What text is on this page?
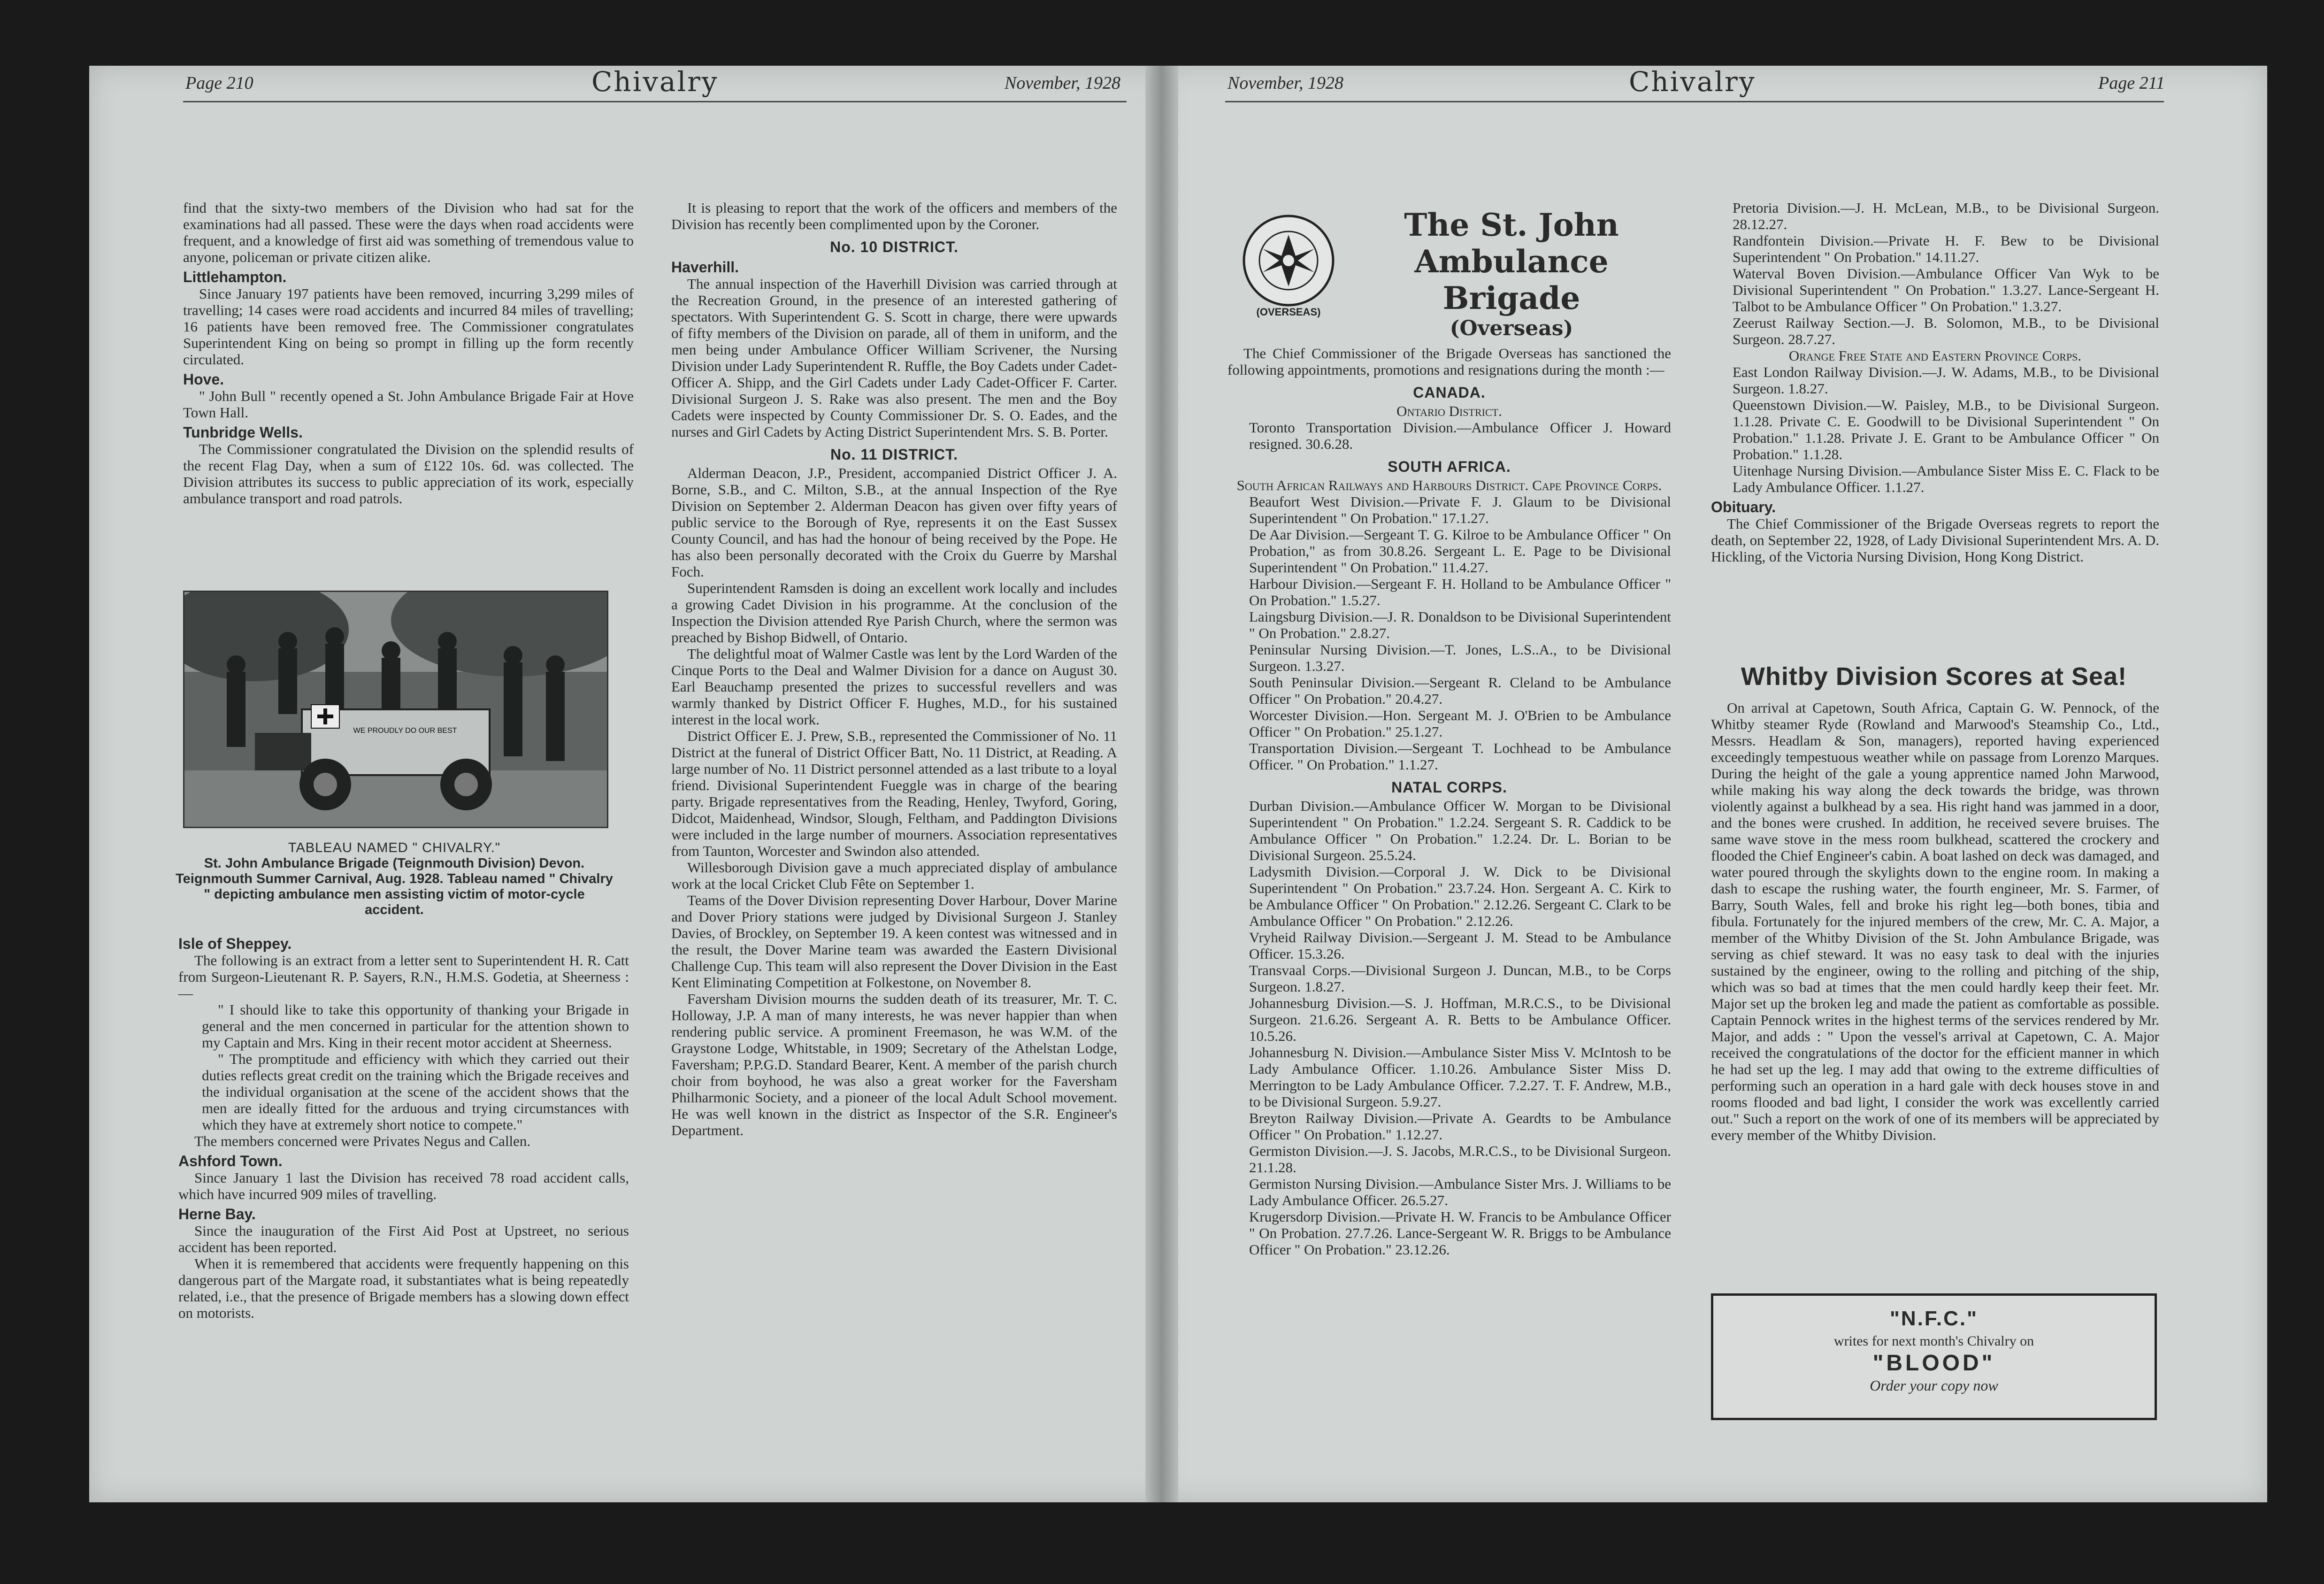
Page 210	Chivalry	November, 1928	November, 1928	Chivalry	Page 211

find that the sixty-two members of the Division who had sat for the examinations had all passed. These were the days when road accidents were frequent, and a knowledge of first aid was something of tremendous value to anyone, policeman or private citizen alike.

Littlehampton.

Since January 197 patients have been removed, incurring 3,299 miles of travelling; 14 cases were road accidents and incurred 84 miles of travelling; 16 patients have been removed free. The Commissioner congratulates Superintendent King on being so prompt in filling up the form recently circulated.

Hove.

" John Bull " recently opened a St. John Ambulance Brigade Fair at Hove Town Hall.

Tunbridge Wells.

The Commissioner congratulated the Division on the splendid results of the recent Flag Day, when a sum of £122 10s. 6d. was collected. The Division attributes its success to public appreciation of its work, especially ambulance transport and road patrols.

WE PROUDLY DO OUR BEST
TABLEAU NAMED " CHIVALRY."
St. John Ambulance Brigade (Teignmouth Division) Devon. Teignmouth Summer Carnival, Aug. 1928. Tableau named " Chivalry " depicting ambulance men assisting victim of motor-cycle accident.
Isle of Sheppey.

The following is an extract from a letter sent to Superintendent H. R. Catt from Surgeon-Lieutenant R. P. Sayers, R.N., H.M.S. Godetia, at Sheerness :—

" I should like to take this opportunity of thanking your Brigade in general and the men concerned in particular for the attention shown to my Captain and Mrs. King in their recent motor accident at Sheerness.

" The promptitude and efficiency with which they carried out their duties reflects great credit on the training which the Brigade receives and the individual organisation at the scene of the accident shows that the men are ideally fitted for the arduous and trying circumstances with which they have at extremely short notice to compete."

The members concerned were Privates Negus and Callen.

Ashford Town.

Since January 1 last the Division has received 78 road accident calls, which have incurred 909 miles of travelling.

Herne Bay.

Since the inauguration of the First Aid Post at Upstreet, no serious accident has been reported.

When it is remembered that accidents were frequently happening on this dangerous part of the Margate road, it substantiates what is being repeatedly related, i.e., that the presence of Brigade members has a slowing down effect on motorists.

It is pleasing to report that the work of the officers and members of the Division has recently been complimented upon by the Coroner.

No. 10 DISTRICT.
Haverhill.

The annual inspection of the Haverhill Division was carried through at the Recreation Ground, in the presence of an interested gathering of spectators. With Superintendent G. S. Scott in charge, there were upwards of fifty members of the Division on parade, all of them in uniform, and the men being under Ambulance Officer William Scrivener, the Nursing Division under Lady Superintendent R. Ruffle, the Boy Cadets under Cadet-Officer A. Shipp, and the Girl Cadets under Lady Cadet-Officer F. Carter. Divisional Surgeon J. S. Rake was also present. The men and the Boy Cadets were inspected by County Commissioner Dr. S. O. Eades, and the nurses and Girl Cadets by Acting District Superintendent Mrs. S. B. Porter.

No. 11 DISTRICT.

Alderman Deacon, J.P., President, accompanied District Officer J. A. Borne, S.B., and C. Milton, S.B., at the annual Inspection of the Rye Division on September 2. Alderman Deacon has given over fifty years of public service to the Borough of Rye, represents it on the East Sussex County Council, and has had the honour of being received by the Pope. He has also been personally decorated with the Croix du Guerre by Marshal Foch.

Superintendent Ramsden is doing an excellent work locally and includes a growing Cadet Division in his programme. At the conclusion of the Inspection the Division attended Rye Parish Church, where the sermon was preached by Bishop Bidwell, of Ontario.

The delightful moat of Walmer Castle was lent by the Lord Warden of the Cinque Ports to the Deal and Walmer Division for a dance on August 30. Earl Beauchamp presented the prizes to successful revellers and was warmly thanked by District Officer F. Hughes, M.D., for his sustained interest in the local work.

District Officer E. J. Prew, S.B., represented the Commissioner of No. 11 District at the funeral of District Officer Batt, No. 11 District, at Reading. A large number of No. 11 District personnel attended as a last tribute to a loyal friend. Divisional Superintendent Fueggle was in charge of the bearing party. Brigade representatives from the Reading, Henley, Twyford, Goring, Didcot, Maidenhead, Windsor, Slough, Feltham, and Paddington Divisions were included in the large number of mourners. Association representatives from Taunton, Worcester and Swindon also attended.

Willesborough Division gave a much appreciated display of ambulance work at the local Cricket Club Fête on September 1.

Teams of the Dover Division representing Dover Harbour, Dover Marine and Dover Priory stations were judged by Divisional Surgeon J. Stanley Davies, of Brockley, on September 19. A keen contest was witnessed and in the result, the Dover Marine team was awarded the Eastern Divisional Challenge Cup. This team will also represent the Dover Division in the East Kent Eliminating Competition at Folkestone, on November 8.

Faversham Division mourns the sudden death of its treasurer, Mr. T. C. Holloway, J.P. A man of many interests, he was never happier than when rendering public service. A prominent Freemason, he was W.M. of the Graystone Lodge, Whitstable, in 1909; Secretary of the Athelstan Lodge, Faversham; P.P.G.D. Standard Bearer, Kent. A member of the parish church choir from boyhood, he was also a great worker for the Faversham Philharmonic Society, and a pioneer of the local Adult School movement. He was well known in the district as Inspector of the S.R. Engineer's Department.

(OVERSEAS)
The St. John
Ambulance Brigade
(Overseas)

The Chief Commissioner of the Brigade Overseas has sanctioned the following appointments, promotions and resignations during the month :—

CANADA.

Ontario District.

Toronto Transportation Division.—Ambulance Officer J. Howard resigned. 30.6.28.

SOUTH AFRICA.

South African Railways and Harbours District. Cape Province Corps.

Beaufort West Division.—Private F. J. Glaum to be Divisional Superintendent " On Probation." 17.1.27.

De Aar Division.—Sergeant T. G. Kilroe to be Ambulance Officer " On Probation," as from 30.8.26. Sergeant L. E. Page to be Divisional Superintendent " On Probation." 11.4.27.

Harbour Division.—Sergeant F. H. Holland to be Ambulance Officer " On Probation." 1.5.27.

Laingsburg Division.—J. R. Donaldson to be Divisional Superintendent " On Probation." 2.8.27.

Peninsular Nursing Division.—T. Jones, L.S..A., to be Divisional Surgeon. 1.3.27.

South Peninsular Division.—Sergeant R. Cleland to be Ambulance Officer " On Probation." 20.4.27.

Worcester Division.—Hon. Sergeant M. J. O'Brien to be Ambulance Officer " On Probation." 25.1.27.

Transportation Division.—Sergeant T. Lochhead to be Ambulance Officer. " On Probation." 1.1.27.

NATAL CORPS.

Durban Division.—Ambulance Officer W. Morgan to be Divisional Superintendent " On Probation." 1.2.24. Sergeant S. R. Caddick to be Ambulance Officer " On Probation." 1.2.24. Dr. L. Borian to be Divisional Surgeon. 25.5.24.

Ladysmith Division.—Corporal J. W. Dick to be Divisional Superintendent " On Probation." 23.7.24. Hon. Sergeant A. C. Kirk to be Ambulance Officer " On Probation." 2.12.26. Sergeant C. Clark to be Ambulance Officer " On Probation." 2.12.26.

Vryheid Railway Division.—Sergeant J. M. Stead to be Ambulance Officer. 15.3.26.

Transvaal Corps.—Divisional Surgeon J. Duncan, M.B., to be Corps Surgeon. 1.8.27.

Johannesburg Division.—S. J. Hoffman, M.R.C.S., to be Divisional Surgeon. 21.6.26. Sergeant A. R. Betts to be Ambulance Officer. 10.5.26.

Johannesburg N. Division.—Ambulance Sister Miss V. McIntosh to be Lady Ambulance Officer. 1.10.26. Ambulance Sister Miss D. Merrington to be Lady Ambulance Officer. 7.2.27. T. F. Andrew, M.B., to be Divisional Surgeon. 5.9.27.

Breyton Railway Division.—Private A. Geardts to be Ambulance Officer " On Probation." 1.12.27.

Germiston Division.—J. S. Jacobs, M.R.C.S., to be Divisional Surgeon. 21.1.28.

Germiston Nursing Division.—Ambulance Sister Mrs. J. Williams to be Lady Ambulance Officer. 26.5.27.

Krugersdorp Division.—Private H. W. Francis to be Ambulance Officer " On Probation. 27.7.26. Lance-Sergeant W. R. Briggs to be Ambulance Officer " On Probation." 23.12.26.

Pretoria Division.—J. H. McLean, M.B., to be Divisional Surgeon. 28.12.27.

Randfontein Division.—Private H. F. Bew to be Divisional Superintendent " On Probation." 14.11.27.

Waterval Boven Division.—Ambulance Officer Van Wyk to be Divisional Superintendent " On Probation." 1.3.27. Lance-Sergeant H. Talbot to be Ambulance Officer " On Probation." 1.3.27.

Zeerust Railway Section.—J. B. Solomon, M.B., to be Divisional Surgeon. 28.7.27.

Orange Free State and Eastern Province Corps.

East London Railway Division.—J. W. Adams, M.B., to be Divisional Surgeon. 1.8.27.

Queenstown Division.—W. Paisley, M.B., to be Divisional Surgeon. 1.1.28. Private C. E. Goodwill to be Divisional Superintendent " On Probation." 1.1.28. Private J. E. Grant to be Ambulance Officer " On Probation." 1.1.28.

Uitenhage Nursing Division.—Ambulance Sister Miss E. C. Flack to be Lady Ambulance Officer. 1.1.27.

Obituary.

The Chief Commissioner of the Brigade Overseas regrets to report the death, on September 22, 1928, of Lady Divisional Superintendent Mrs. A. D. Hickling, of the Victoria Nursing Division, Hong Kong District.

Whitby Division Scores at Sea!

On arrival at Capetown, South Africa, Captain G. W. Pennock, of the Whitby steamer Ryde (Rowland and Marwood's Steamship Co., Ltd., Messrs. Headlam & Son, managers), reported having experienced exceedingly tempestuous weather while on passage from Lorenzo Marques. During the height of the gale a young apprentice named John Marwood, while making his way along the deck towards the bridge, was thrown violently against a bulkhead by a sea. His right hand was jammed in a door, and the bones were crushed. In addition, he received severe bruises. The same wave stove in the mess room bulkhead, scattered the crockery and flooded the Chief Engineer's cabin. A boat lashed on deck was damaged, and water poured through the skylights down to the engine room. In making a dash to escape the rushing water, the fourth engineer, Mr. S. Farmer, of Barry, South Wales, fell and broke his right leg—both bones, tibia and fibula. Fortunately for the injured members of the crew, Mr. C. A. Major, a member of the Whitby Division of the St. John Ambulance Brigade, was serving as chief steward. It was no easy task to deal with the injuries sustained by the engineer, owing to the rolling and pitching of the ship, which was so bad at times that the men could hardly keep their feet. Mr. Major set up the broken leg and made the patient as comfortable as possible. Captain Pennock writes in the highest terms of the services rendered by Mr. Major, and adds : " Upon the vessel's arrival at Capetown, C. A. Major received the congratulations of the doctor for the efficient manner in which he had set up the leg. I may add that owing to the extreme difficulties of performing such an operation in a hard gale with deck houses stove in and rooms flooded and bad light, I consider the work was excellently carried out." Such a report on the work of one of its members will be appreciated by every member of the Whitby Division.

"N.F.C."
writes for next month's Chivalry on
"BLOOD"
Order your copy now
